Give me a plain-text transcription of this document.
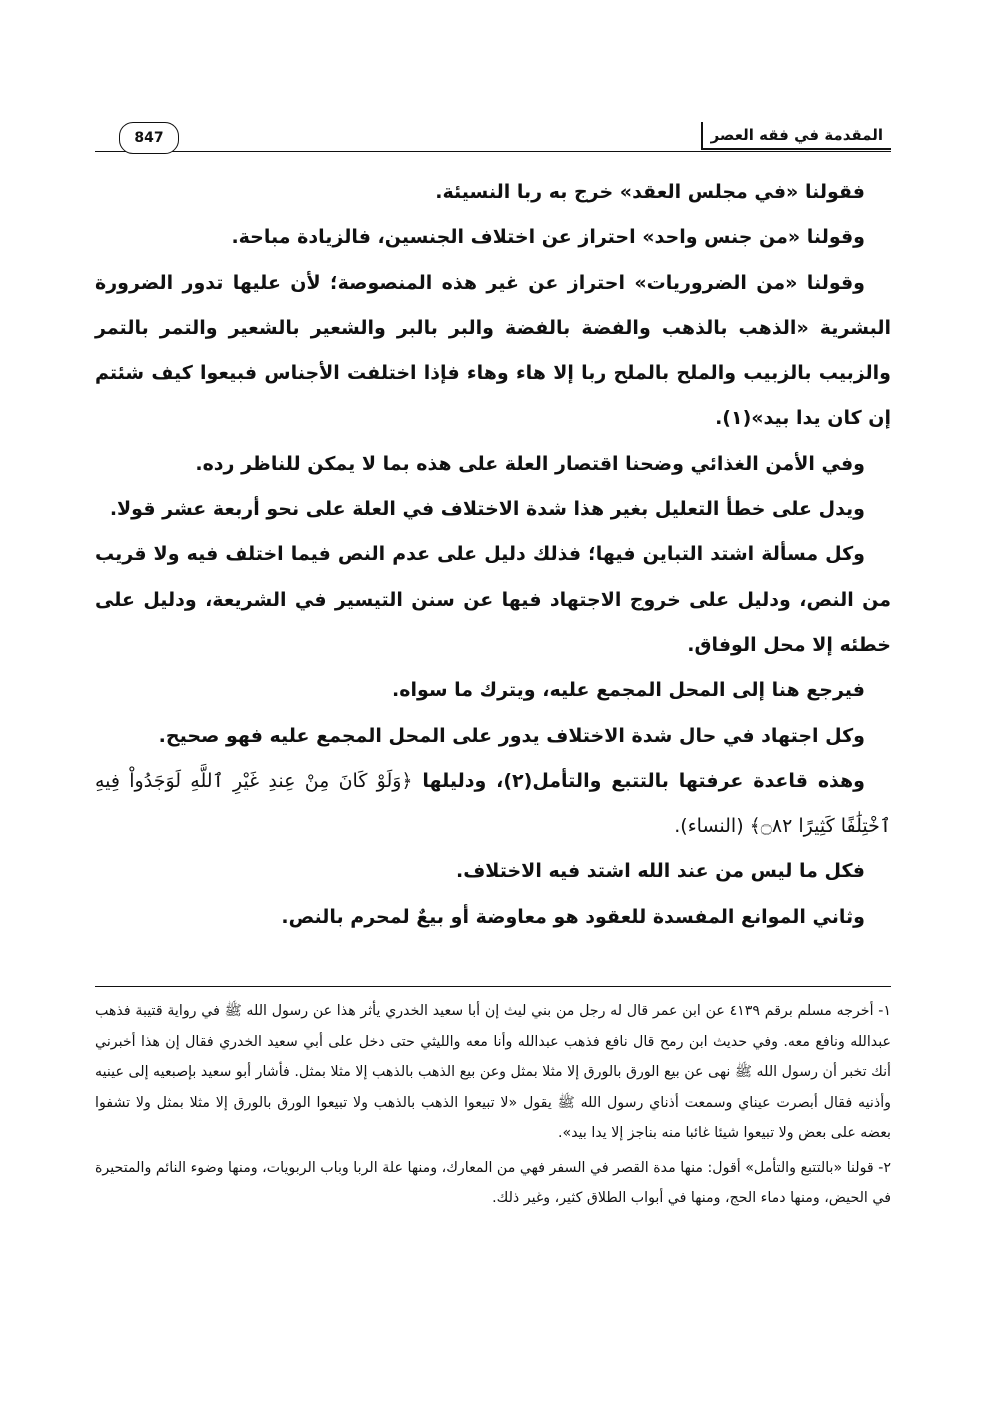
المقدمة في فقه العصر
847

فقولنا «في مجلس العقد» خرج به ربا النسيئة.

وقولنا «من جنس واحد» احتراز عن اختلاف الجنسين، فالزيادة مباحة.

وقولنا «من الضروريات» احتراز عن غير هذه المنصوصة؛ لأن عليها تدور الضرورة البشرية «الذهب بالذهب والفضة بالفضة والبر بالبر والشعير بالشعير والتمر بالتمر والزبيب بالزبيب والملح بالملح ربا إلا هاء وهاء فإذا اختلفت الأجناس فبيعوا كيف شئتم إن كان يدا بيد»(١).

وفي الأمن الغذائي وضحنا اقتصار العلة على هذه بما لا يمكن للناظر رده.

ويدل على خطأ التعليل بغير هذا شدة الاختلاف في العلة على نحو أربعة عشر قولا.

وكل مسألة اشتد التباين فيها؛ فذلك دليل على عدم النص فيما اختلف فيه ولا قريب من النص، ودليل على خروج الاجتهاد فيها عن سنن التيسير في الشريعة، ودليل على خطئه إلا محل الوفاق.

فيرجع هنا إلى المحل المجمع عليه، ويترك ما سواه.

وكل اجتهاد في حال شدة الاختلاف يدور على المحل المجمع عليه فهو صحيح.

وهذه قاعدة عرفتها بالتتبع والتأمل(٢)، ودليلها ﴿وَلَوْ كَانَ مِنْ عِندِ غَيْرِ ٱللَّهِ لَوَجَدُواْ فِيهِ ٱخْتِلَٰفًا كَثِيرًا ۝٨٢﴾ (النساء).

فكل ما ليس من عند الله اشتد فيه الاختلاف.

وثاني الموانع المفسدة للعقود هو معاوضة أو بيعٌ لمحرم بالنص.

١- أخرجه مسلم برقم ٤١٣٩ عن ابن عمر قال له رجل من بني ليث إن أبا سعيد الخدري يأثر هذا عن رسول الله ﷺ في رواية قتيبة فذهب عبدالله ونافع معه. وفي حديث ابن رمح قال نافع فذهب عبدالله وأنا معه والليثي حتى دخل على أبي سعيد الخدري فقال إن هذا أخبرني أنك تخبر أن رسول الله ﷺ نهى عن بيع الورق بالورق إلا مثلا بمثل وعن بيع الذهب بالذهب إلا مثلا بمثل. فأشار أبو سعيد بإصبعيه إلى عينيه وأذنيه فقال أبصرت عيناي وسمعت أذناي رسول الله ﷺ يقول «لا تبيعوا الذهب بالذهب ولا تبيعوا الورق بالورق إلا مثلا بمثل ولا تشفوا بعضه على بعض ولا تبيعوا شيئا غائبا منه بناجز إلا يدا بيد».

٢- قولنا «بالتتبع والتأمل» أقول: منها مدة القصر في السفر فهي من المعارك، ومنها علة الربا وباب الربويات، ومنها وضوء النائم والمتحيرة في الحيض، ومنها دماء الحج، ومنها في أبواب الطلاق كثير، وغير ذلك.
